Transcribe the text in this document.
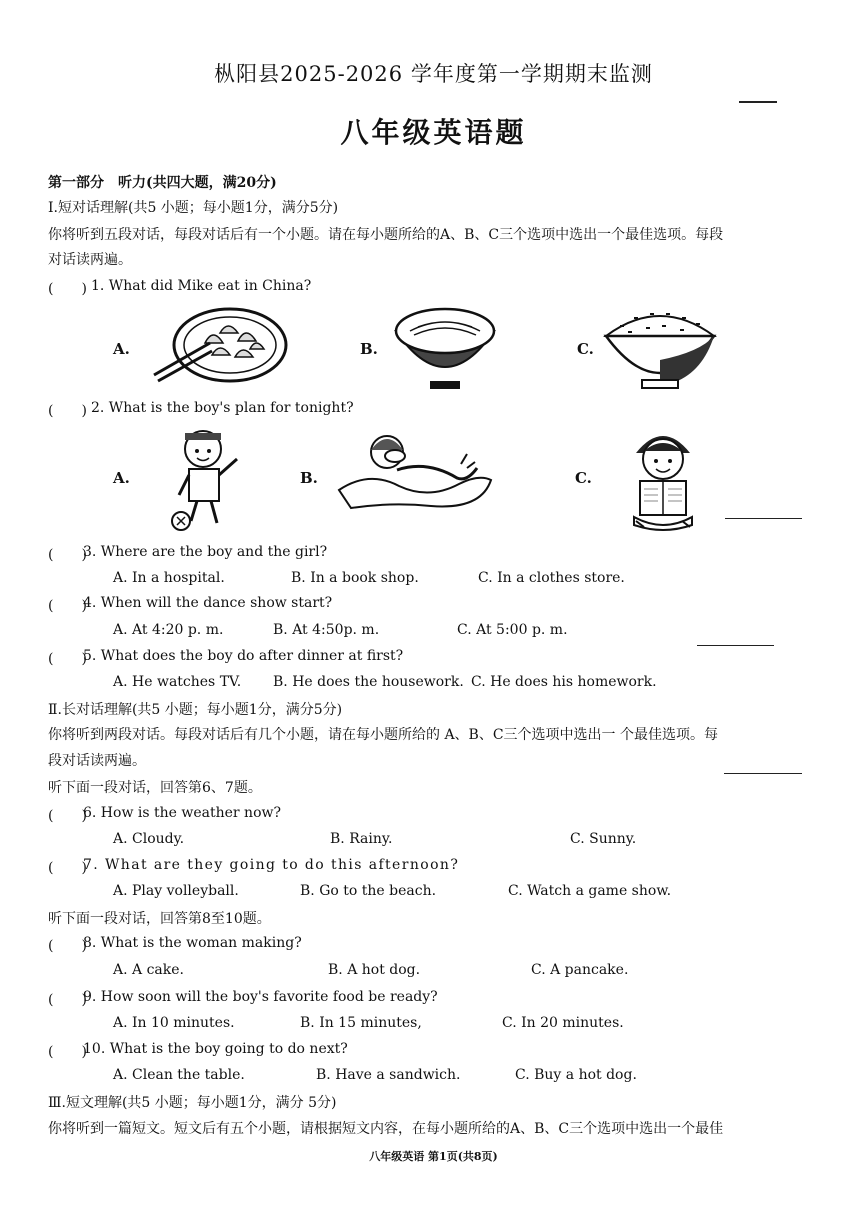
枞阳县2025-2026 学年度第一学期期末监测
八年级英语题
第一部分　听力(共四大题，满20分)
I.短对话理解(共5 小题；每小题1分，满分5分)
你将听到五段对话，每段对话后有一个小题。请在每小题所给的A、B、C三个选项中选出一个最佳选项。每段
对话读两遍。
(　　) 1. What did Mike eat in China?
A.	B.	C.
(　　) 2. What is the boy's plan for tonight?
A.	B.	C.
(　　)
3. Where are the boy and the girl?
A. In a hospital.	B. In a book shop.	C. In a clothes store.
(　　)
4. When will the dance show start?
A. At 4:20 p. m.	B. At 4:50p. m.	C. At 5:00 p. m.
(　　)
5. What does the boy do after dinner at first?
A. He watches TV. B. He does the housework. C. He does his homework.
Ⅱ.长对话理解(共5 小题；每小题1分，满分5分)
你将听到两段对话。每段对话后有几个小题，请在每小题所给的 A、B、C三个选项中选出一 个最佳选项。每
段对话读两遍。
听下面一段对话，回答第6、7题。
(　　)
6. How is the weather now?
A. Cloudy.	B. Rainy.	C. Sunny.
(　　)
7. What are they going to do this afternoon?
A. Play volleyball.	B. Go to the beach.	C. Watch a game show.
听下面一段对话，回答第8至10题。
(　　)
8. What is the woman making?
A. A cake.	B. A hot dog.	C. A pancake.
(　　)
9. How soon will the boy's favorite food be ready?
A. In 10 minutes.	B. In 15 minutes,	C. In 20 minutes.
(　　)
10. What is the boy going to do next?
A. Clean the table.	B. Have a sandwich.	C. Buy a hot dog.
Ⅲ.短文理解(共5 小题；每小题1分，满分 5分)
你将听到一篇短文。短文后有五个小题，请根据短文内容，在每小题所给的A、B、C三个选项中选出一个最佳
八年级英语 第1页(共8页)
